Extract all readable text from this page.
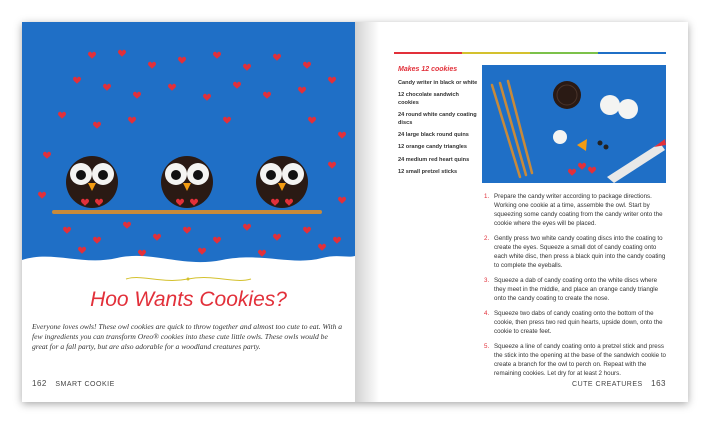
Hoo Wants Cookies?
Everyone loves owls! These owl cookies are quick to throw together and almost too cute to eat. With a few ingredients you can transform Oreo® cookies into these cute little owls. These owls would be great for a fall party, but are also adorable for a woodland creatures party.
162 SMART COOKIE
Makes 12 cookies
Candy writer in black or white
12 chocolate sandwich cookies
24 round white candy coating discs
24 large black round quins
12 orange candy triangles
24 medium red heart quins
12 small pretzel sticks
1. Prepare the candy writer according to package directions. Working one cookie at a time, assemble the owl. Start by squeezing some candy coating from the candy writer onto the cookie where the eyes will be placed.
2. Gently press two white candy coating discs into the coating to create the eyes. Squeeze a small dot of candy coating onto each white disc, then press a black quin into the candy coating to complete the eyeballs.
3. Squeeze a dab of candy coating onto the white discs where they meet in the middle, and place an orange candy triangle onto the candy coating to create the nose.
4. Squeeze two dabs of candy coating onto the bottom of the cookie, then press two red quin hearts, upside down, onto the cookie to create feet.
5. Squeeze a line of candy coating onto a pretzel stick and press the stick into the opening at the base of the sandwich cookie to create a branch for the owl to perch on. Repeat with the remaining cookies. Let dry for at least 2 hours.
CUTE CREATURES 163
